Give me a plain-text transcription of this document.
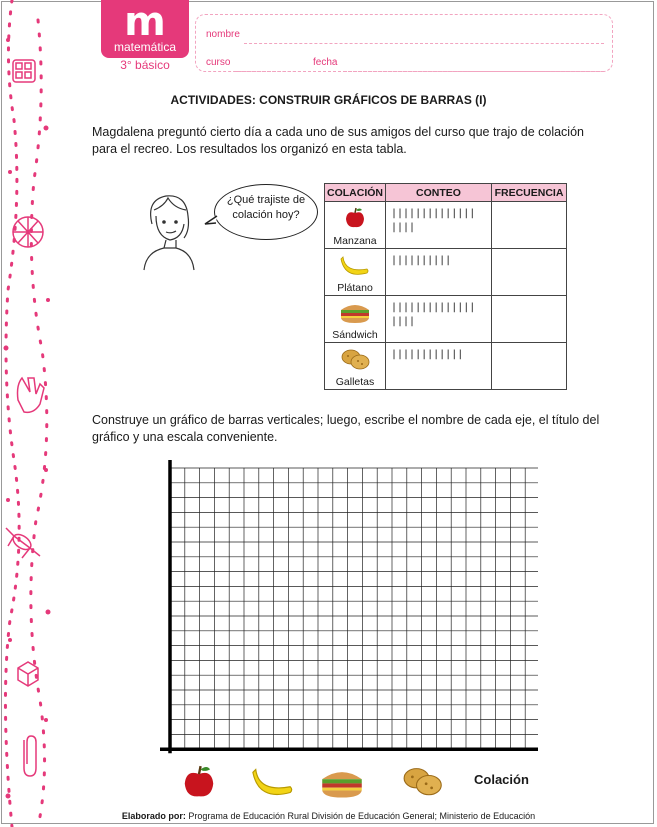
m
matemática
3° básico
nombre
curso	fecha
ACTIVIDADES: CONSTRUIR GRÁFICOS DE BARRAS (I)
Magdalena preguntó cierto día a cada uno de sus amigos del curso que trajo de colación para el recreo. Los resultados los organizó en esta tabla.
¿Qué trajiste de colación hoy?
COLACIÓN	CONTEO	FRECUENCIA

Manzana	||||||||||||||
||||	

Plátano	||||||||||	

Sándwich	||||||||||||||
||||	

Galletas	||||||||||||	

Construye un gráfico de barras verticales; luego, escribe el nombre de cada eje, el título del gráfico y una escala conveniente.
Colación
Elaborado por: Programa de Educación Rural División de Educación General; Ministerio de Educación
